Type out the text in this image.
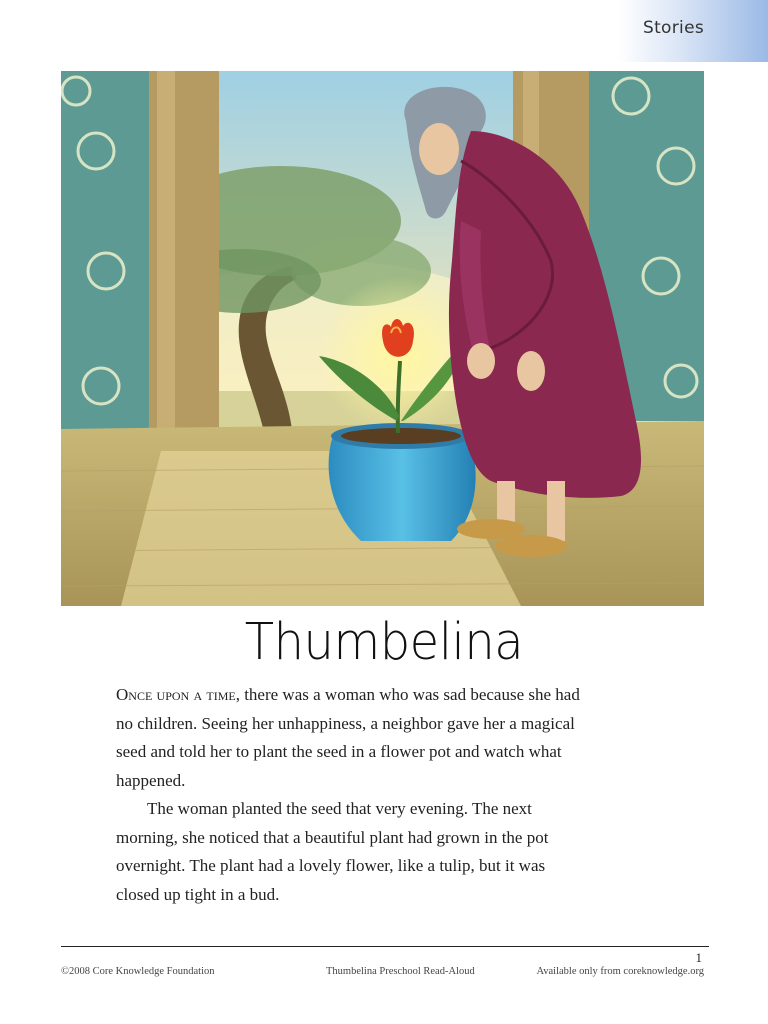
Stories
Thumbelina

Once upon a time, there was a woman who was sad because she had no children. Seeing her unhappiness, a neighbor gave her a magical seed and told her to plant the seed in a flower pot and watch what happened.

The woman planted the seed that very evening. The next morning, she noticed that a beautiful plant had grown in the pot overnight. The plant had a lovely flower, like a tulip, but it was closed up tight in a bud.

1
©2008 Core Knowledge Foundation	Thumbelina Preschool Read-Aloud	Available only from coreknowledge.org
